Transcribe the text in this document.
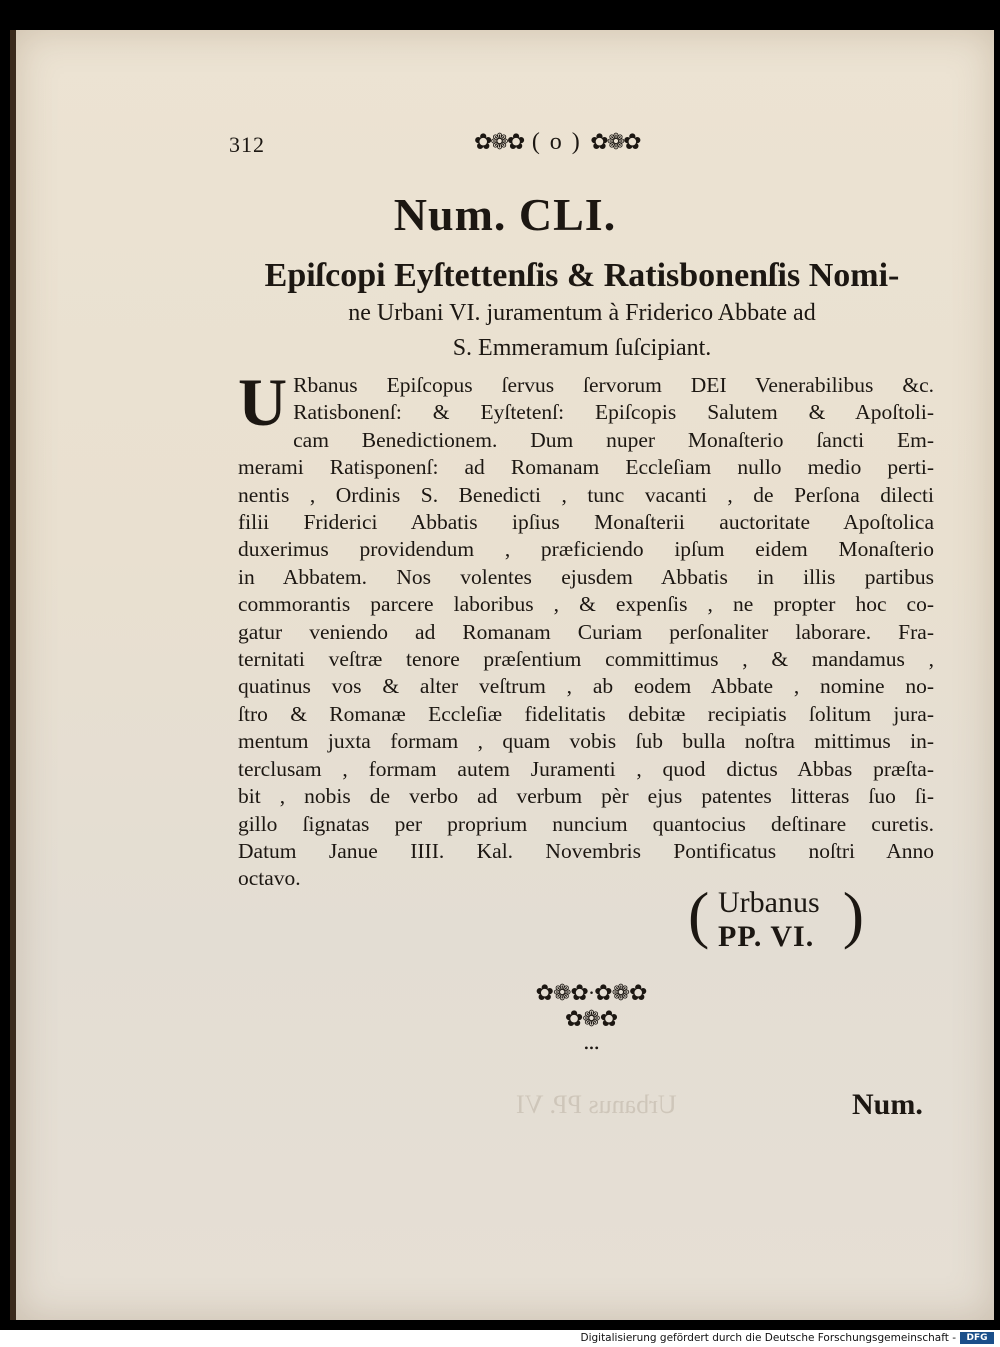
312	✿❁✿ ( o ) ✿❁✿
Num. CLI.
Epiſcopi Eyſtettenſis & Ratisbonenſis Nomi-
ne Urbani VI. juramentum à Friderico Abbate ad
S. Emmeramum ſuſcipiant.
U Rbanus Epiſcopus ſervus ſervorum DEI Venerabilibus &c.
Ratisbonenſ: & Eyſtetenſ: Epiſcopis Salutem & Apoſtoli-
cam Benedictionem. Dum nuper Monaſterio ſancti Em-
merami Ratisponenſ: ad Romanam Eccleſiam nullo medio perti-
nentis , Ordinis S. Benedicti , tunc vacanti , de Perſona dilecti
filii Friderici Abbatis ipſius Monaſterii auctoritate Apoſtolica
duxerimus providendum , præficiendo ipſum eidem Monaſterio
in Abbatem. Nos volentes ejusdem Abbatis in illis partibus
commorantis parcere laboribus , & expenſis , ne propter hoc co-
gatur veniendo ad Romanam Curiam perſonaliter laborare. Fra-
ternitati veſtræ tenore præſentium committimus , & mandamus ,
quatinus vos & alter veſtrum , ab eodem Abbate , nomine no-
ſtro & Romanæ Eccleſiæ fidelitatis debitæ recipiatis ſolitum jura-
mentum juxta formam , quam vobis ſub bulla noſtra mittimus in-
terclusam , formam autem Juramenti , quod dictus Abbas præſta-
bit , nobis de verbo ad verbum pèr ejus patentes litteras ſuo ſi-
gillo ſignatas per proprium nuncium quantocius deſtinare curetis.
Datum Janue IIII. Kal. Novembris Pontificatus noſtri Anno
octavo.
( Urbanus
PP. VI. )
✿❁✿·✿❁✿
✿❁✿
• • •
Urbanus PP. VI	Num.
Digitalisierung gefördert durch die Deutsche Forschungsgemeinschaft -	DFG
